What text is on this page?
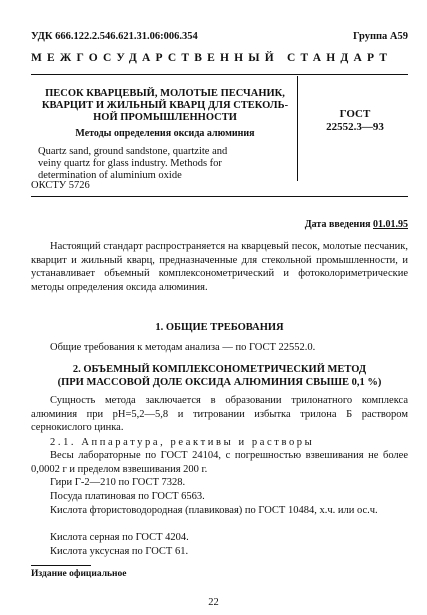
УДК 666.122.2.546.621.31.06:006.354	Группа А59
МЕЖГОСУДАРСТВЕННЫЙ СТАНДАРТ
ПЕСОК КВАРЦЕВЫЙ, МОЛОТЫЕ ПЕСЧАНИК,
КВАРЦИТ И ЖИЛЬНЫЙ КВАРЦ ДЛЯ СТЕКОЛЬ-
НОЙ ПРОМЫШЛЕННОСТИ
Методы определения оксида алюминия
Quartz sand, ground sandstone, quartzite and
veiny quartz for glass industry. Methods for
determination of aluminium oxide
ОКСТУ 5726
ГОСТ
22552.3—93
Дата введения 01.01.95
Настоящий стандарт распространяется на кварцевый песок, молотые песчаник, кварцит и жильный кварц, предназначенные для стекольной промышленности, и устанавливает объемный комплексонометрический и фотоколориметрические методы определения оксида алюминия.
1. ОБЩИЕ ТРЕБОВАНИЯ
Общие требования к методам анализа — по ГОСТ 22552.0.
2. ОБЪЕМНЫЙ КОМПЛЕКСОНОМЕТРИЧЕСКИЙ МЕТОД
(ПРИ МАССОВОЙ ДОЛЕ ОКСИДА АЛЮМИНИЯ СВЫШЕ 0,1 %)
Сущность метода заключается в образовании трилонатного комплекса алюминия при pH=5,2—5,8 и титровании избытка трилона Б раствором сернокислого цинка.
2.1. Аппаратура, реактивы и растворы
Весы лабораторные по ГОСТ 24104, с погрешностью взвешивания не более 0,0002 г и пределом взвешивания 200 г.
Гири Г-2—210 по ГОСТ 7328.
Посуда платиновая по ГОСТ 6563.
Кислота фтористоводородная (плавиковая) по ГОСТ 10484, х.ч. или ос.ч.
Кислота серная по ГОСТ 4204.
Кислота уксусная по ГОСТ 61.
Издание официальное
22
